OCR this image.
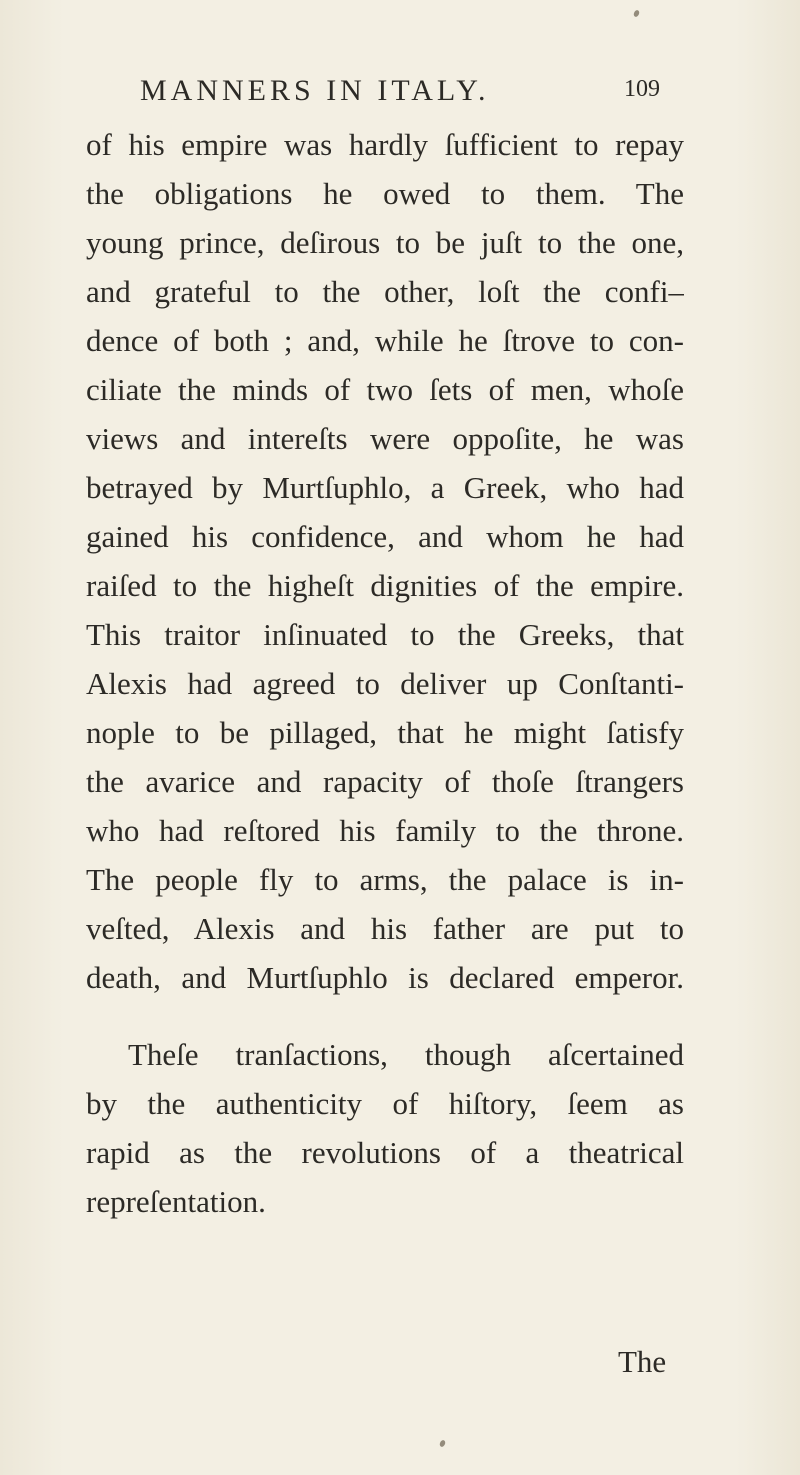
MANNERS IN ITALY.	109
of his empire was hardly ſufficient to repay
the obligations he owed to them. The
young prince, deſirous to be juſt to the one,
and grateful to the other, loſt the confi–
dence of both ; and, while he ſtrove to con-
ciliate the minds of two ſets of men, whoſe
views and intereſts were oppoſite, he was
betrayed by Murtſuphlo, a Greek, who had
gained his confidence, and whom he had
raiſed to the higheſt dignities of the empire.
This traitor inſinuated to the Greeks, that
Alexis had agreed to deliver up Conſtanti-
nople to be pillaged, that he might ſatisfy
the avarice and rapacity of thoſe ſtrangers
who had reſtored his family to the throne.
The people fly to arms, the palace is in-
veſted, Alexis and his father are put to
death, and Murtſuphlo is declared emperor.
Theſe tranſactions, though aſcertained
by the authenticity of hiſtory, ſeem as
rapid as the revolutions of a theatrical
repreſentation.
The
